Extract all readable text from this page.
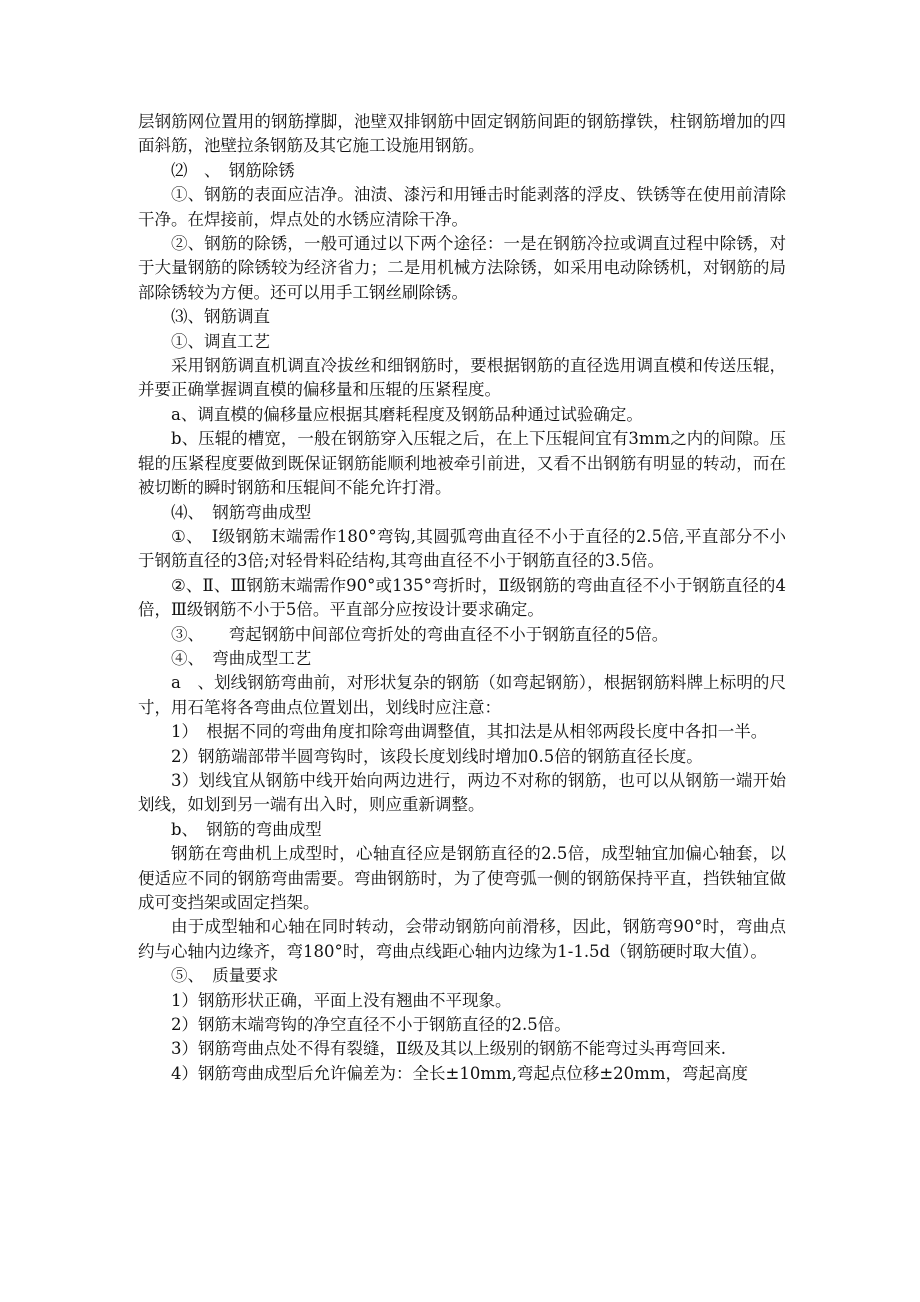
层钢筋网位置用的钢筋撑脚，池壁双排钢筋中固定钢筋间距的钢筋撑铁，柱钢筋增加的四面斜筋，池壁拉条钢筋及其它施工设施用钢筋。

⑵　、　钢筋除锈

①、钢筋的表面应洁净。油渍、漆污和用锤击时能剥落的浮皮、铁锈等在使用前清除干净。在焊接前，焊点处的水锈应清除干净。

②、钢筋的除锈，一般可通过以下两个途径：一是在钢筋冷拉或调直过程中除锈，对于大量钢筋的除锈较为经济省力；二是用机械方法除锈，如采用电动除锈机，对钢筋的局部除锈较为方便。还可以用手工钢丝刷除锈。

⑶、钢筋调直

①、调直工艺

采用钢筋调直机调直冷拔丝和细钢筋时，要根据钢筋的直径选用调直模和传送压辊，并要正确掌握调直模的偏移量和压辊的压紧程度。

a、调直模的偏移量应根据其磨耗程度及钢筋品种通过试验确定。

b、压辊的槽宽，一般在钢筋穿入压辊之后，在上下压辊间宜有3mm之内的间隙。压辊的压紧程度要做到既保证钢筋能顺利地被牵引前进，又看不出钢筋有明显的转动，而在被切断的瞬时钢筋和压辊间不能允许打滑。

⑷、　钢筋弯曲成型

①、　Ⅰ级钢筋末端需作180°弯钩,其圆弧弯曲直径不小于直径的2.5倍,平直部分不小于钢筋直径的3倍;对轻骨料砼结构,其弯曲直径不小于钢筋直径的3.5倍。

②、Ⅱ、Ⅲ钢筋末端需作90°或135°弯折时，Ⅱ级钢筋的弯曲直径不小于钢筋直径的4倍，Ⅲ级钢筋不小于5倍。平直部分应按设计要求确定。

③、　　弯起钢筋中间部位弯折处的弯曲直径不小于钢筋直径的5倍。

④、　弯曲成型工艺

a　、划线钢筋弯曲前，对形状复杂的钢筋（如弯起钢筋），根据钢筋料牌上标明的尺寸，用石笔将各弯曲点位置划出，划线时应注意：

1）　根据不同的弯曲角度扣除弯曲调整值，其扣法是从相邻两段长度中各扣一半。

2）钢筋端部带半圆弯钩时，该段长度划线时增加0.5倍的钢筋直径长度。

3）划线宜从钢筋中线开始向两边进行，两边不对称的钢筋，也可以从钢筋一端开始划线，如划到另一端有出入时，则应重新调整。

b、　钢筋的弯曲成型

钢筋在弯曲机上成型时，心轴直径应是钢筋直径的2.5倍，成型轴宜加偏心轴套，以便适应不同的钢筋弯曲需要。弯曲钢筋时，为了使弯弧一侧的钢筋保持平直，挡铁轴宜做成可变挡架或固定挡架。

由于成型轴和心轴在同时转动，会带动钢筋向前滑移，因此，钢筋弯90°时，弯曲点约与心轴内边缘齐，弯180°时，弯曲点线距心轴内边缘为1-1.5d（钢筋硬时取大值）。

⑤、　质量要求

1）钢筋形状正确，平面上没有翘曲不平现象。

2）钢筋末端弯钩的净空直径不小于钢筋直径的2.5倍。

3）钢筋弯曲点处不得有裂缝，Ⅱ级及其以上级别的钢筋不能弯过头再弯回来.

4）钢筋弯曲成型后允许偏差为：全长±10mm,弯起点位移±20mm，弯起高度
